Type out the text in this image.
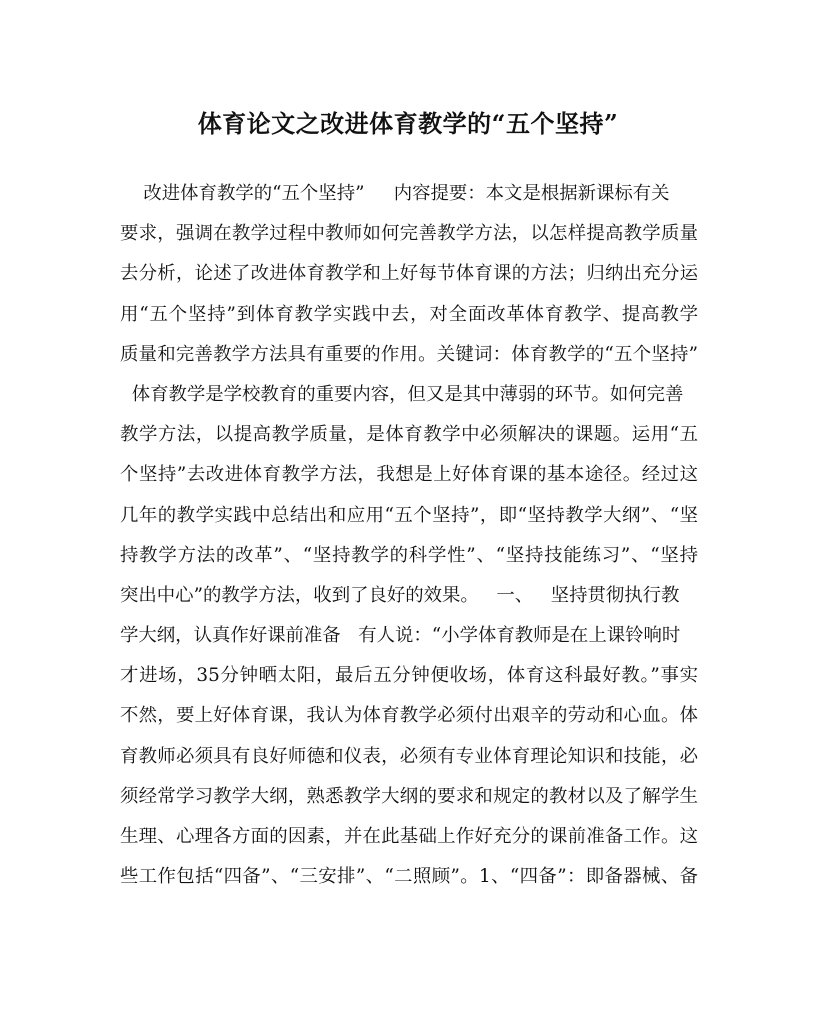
体育论文之改进体育教学的“五个坚持”
改进体育教学的“五个坚持”     内容提要：本文是根据新课标有关
要求，强调在教学过程中教师如何完善教学方法，以怎样提高教学质量
去分析，论述了改进体育教学和上好每节体育课的方法；归纳出充分运
用“五个坚持”到体育教学实践中去，对全面改革体育教学、提高教学
质量和完善教学方法具有重要的作用。关键词：体育教学的“五个坚持”
体育教学是学校教育的重要内容，但又是其中薄弱的环节。如何完善
教学方法，以提高教学质量，是体育教学中必须解决的课题。运用“五
个坚持”去改进体育教学方法，我想是上好体育课的基本途径。经过这
几年的教学实践中总结出和应用“五个坚持”，即“坚持教学大纲”、“坚
持教学方法的改革”、“坚持教学的科学性”、“坚持技能练习”、“坚持
突出中心”的教学方法，收到了良好的效果。   一、   坚持贯彻执行教
学大纲，认真作好课前准备   有人说：“小学体育教师是在上课铃响时
才进场，35分钟晒太阳，最后五分钟便收场，体育这科最好教。”事实
不然，要上好体育课，我认为体育教学必须付出艰辛的劳动和心血。体
育教师必须具有良好师德和仪表，必须有专业体育理论知识和技能，必
须经常学习教学大纲，熟悉教学大纲的要求和规定的教材以及了解学生
生理、心理各方面的因素，并在此基础上作好充分的课前准备工作。这
些工作包括“四备”、“三安排”、“二照顾”。1、“四备”：即备器械、备
